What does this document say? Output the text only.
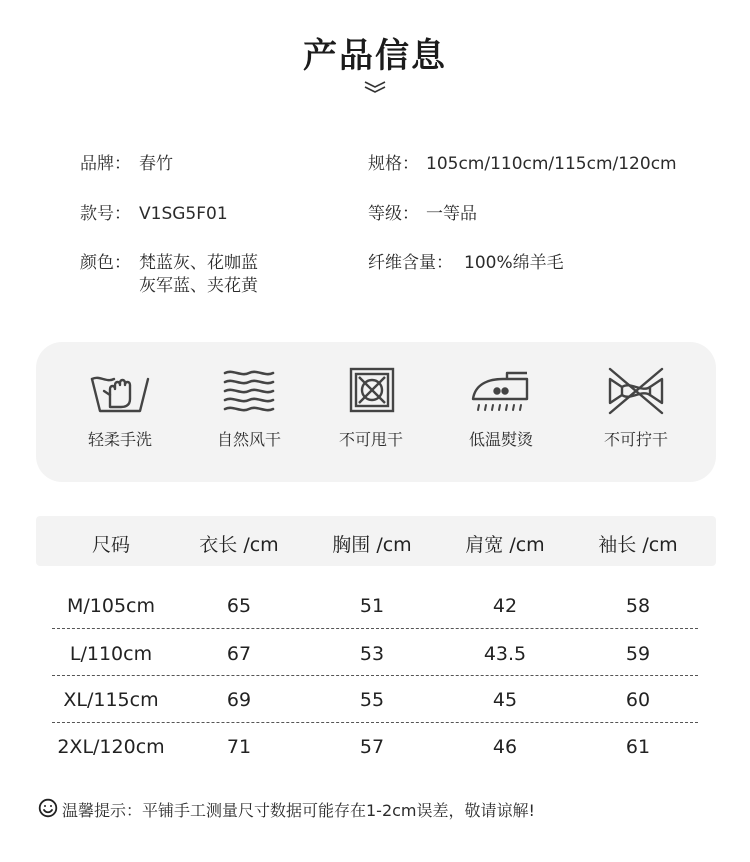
产品信息
品牌： 春竹
款号： V1SG5F01
颜色： 梵蓝灰、花咖蓝
灰军蓝、夹花黄
规格： 105cm/110cm/115cm/120cm
等级： 一等品
纤维含量： 100%绵羊毛
轻柔手洗	自然风干	不可甩干	低温熨烫	不可拧干
尺码	衣长 /cm	胸围 /cm	肩宽 /cm	袖长 /cm
M/105cm	65	51	42	58
L/110cm	67	53	43.5	59
XL/115cm	69	55	45	60
2XL/120cm	71	57	46	61
温馨提示：平铺手工测量尺寸数据可能存在1-2cm误差，敬请谅解!
